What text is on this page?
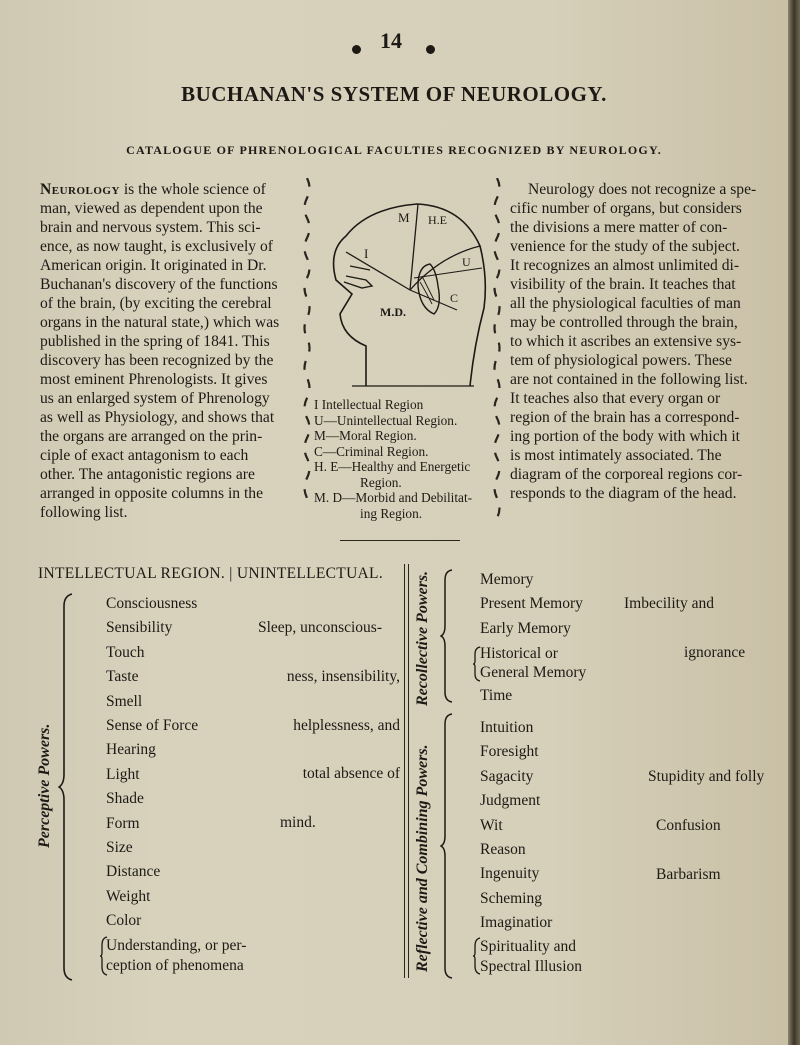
14
BUCHANAN'S SYSTEM OF NEUROLOGY.
CATALOGUE OF PHRENOLOGICAL FACULTIES RECOGNIZED BY NEUROLOGY.
Neurology is the whole science of
man, viewed as dependent upon the
brain and nervous system. This sci-
ence, as now taught, is exclusively of
American origin. It originated in Dr.
Buchanan's discovery of the functions
of the brain, (by exciting the cerebral
organs in the natural state,) which was
published in the spring of 1841. This
discovery has been recognized by the
most eminent Phrenologists. It gives
us an enlarged system of Phrenology
as well as Physiology, and shows that
the organs are arranged on the prin-
ciple of exact antagonism to each
other. The antagonistic regions are
arranged in opposite columns in the
following list.
M H.E
I
U
M.D.
C
I Intellectual Region
U—Unintellectual Region.
M—Moral Region.
C—Criminal Region.
H. E—Healthy and Energetic
Region.
M. D—Morbid and Debilitat-
ing Region.
Neurology does not recognize a spe-
cific number of organs, but considers
the divisions a mere matter of con-
venience for the study of the subject.
It recognizes an almost unlimited di-
visibility of the brain. It teaches that
all the physiological faculties of man
may be controlled through the brain,
to which it ascribes an extensive sys-
tem of physiological powers. These
are not contained in the following list.
It teaches also that every organ or
region of the brain has a correspond-
ing portion of the body with which it
is most intimately associated. The
diagram of the corporeal regions cor-
responds to the diagram of the head.
INTELLECTUAL REGION. | UNINTELLECTUAL.
Perceptive Powers.
Consciousness
Sensibility
Touch
Taste
Smell
Sense of Force
Hearing
Light
Shade
Form
Size
Distance
Weight
Color
Understanding, or per-
ception of phenomena
Sleep, unconscious-
ness, insensibility,
helplessness, and
total absence of
mind.
Recollective Powers.	Memory
Present Memory
Early Memory
Historical or
General Memory
Time
Reflective and Combining Powers.
Intuition
Foresight
Sagacity
Judgment
Wit
Reason
Ingenuity
Scheming
Imaginatior
Spirituality and
Spectral Illusion
Imbecility and
ignorance
Stupidity and folly
Confusion
Barbarism
